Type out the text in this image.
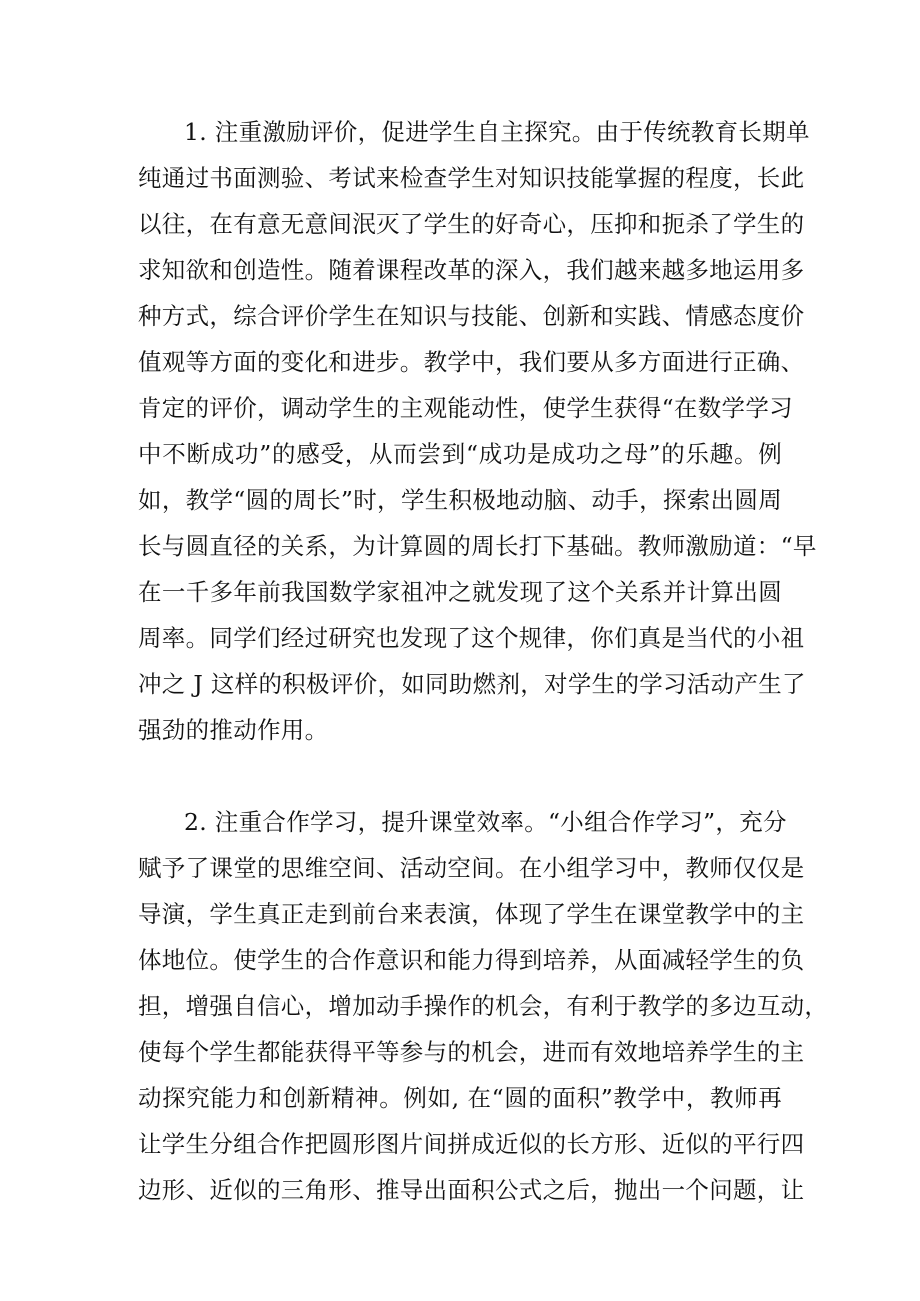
1. 注重激励评价，促进学生自主探究。由于传统教育长期单
纯通过书面测验、考试来检查学生对知识技能掌握的程度，长此
以往，在有意无意间泯灭了学生的好奇心，压抑和扼杀了学生的
求知欲和创造性。随着课程改革的深入，我们越来越多地运用多
种方式，综合评价学生在知识与技能、创新和实践、情感态度价
值观等方面的变化和进步。教学中，我们要从多方面进行正确、
肯定的评价，调动学生的主观能动性，使学生获得“在数学学习
中不断成功”的感受，从而尝到“成功是成功之母”的乐趣。例
如，教学“圆的周长”时，学生积极地动脑、动手，探索出圆周
长与圆直径的关系，为计算圆的周长打下基础。教师激励道：“早
在一千多年前我国数学家祖冲之就发现了这个关系并计算出圆
周率。同学们经过研究也发现了这个规律，你们真是当代的小祖
冲之 J 这样的积极评价，如同助燃剂，对学生的学习活动产生了
强劲的推动作用。
2. 注重合作学习，提升课堂效率。“小组合作学习”，充分
赋予了课堂的思维空间、活动空间。在小组学习中，教师仅仅是
导演，学生真正走到前台来表演，体现了学生在课堂教学中的主
体地位。使学生的合作意识和能力得到培养，从面减轻学生的负
担，增强自信心，增加动手操作的机会，有利于教学的多边互动，
使每个学生都能获得平等参与的机会，进而有效地培养学生的主
动探究能力和创新精神。例如, 在“圆的面积”教学中，教师再
让学生分组合作把圆形图片间拼成近似的长方形、近似的平行四
边形、近似的三角形、推导出面积公式之后，抛出一个问题，让
